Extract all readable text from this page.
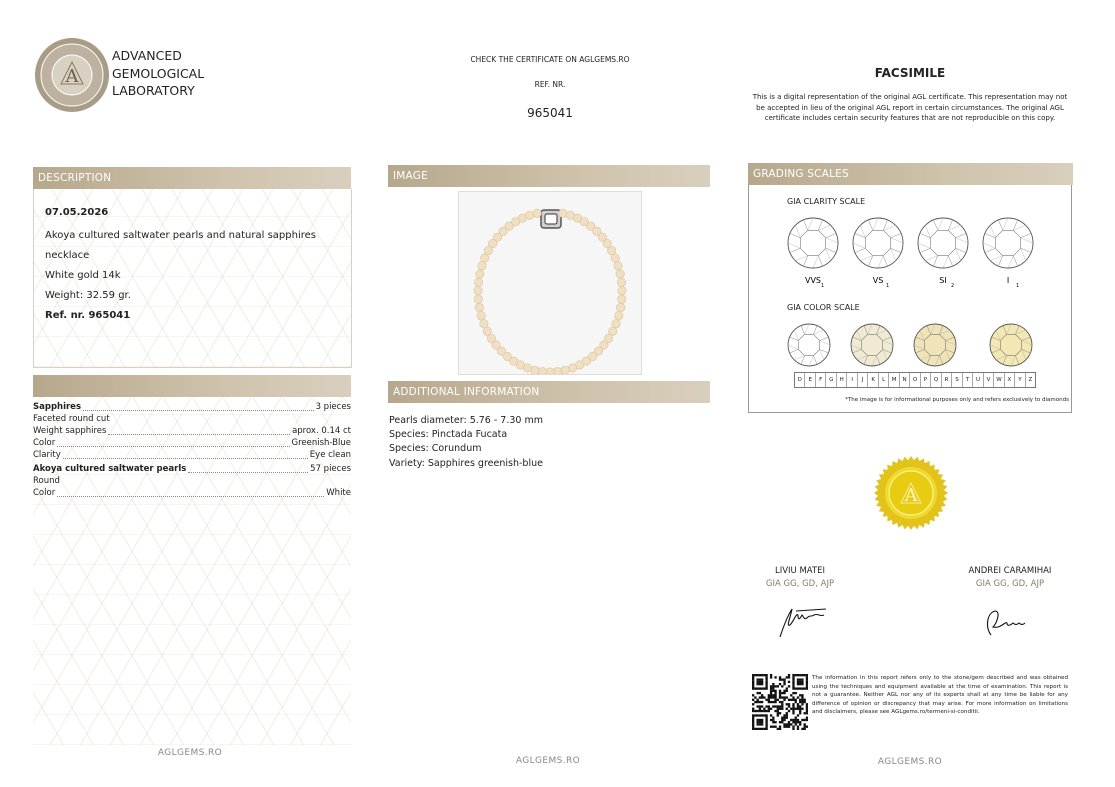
A
ADVANCED
GEMOLOGICAL
LABORATORY
CHECK THE CERTIFICATE ON AGLGEMS.RO
REF. NR.
965041
FACSIMILE
This is a digital representation of the original AGL certificate. This representation may not be accepted in lieu of the original AGL report in certain circumstances. The original AGL certificate includes certain security features that are not reproducible on this copy.
DESCRIPTION
07.05.2026
Akoya cultured saltwater pearls and natural sapphires necklace
White gold 14k
Weight: 32.59 gr.
Ref. nr. 965041
Sapphires	3 pieces
Faceted round cut
Weight sapphires	aprox. 0.14 ct
Color	Greenish-Blue
Clarity	Eye clean
Akoya cultured saltwater pearls	57 pieces
Round
Color	White
AGLGEMS.RO
IMAGE
ADDITIONAL INFORMATION
Pearls diameter: 5.76 - 7.30 mm
Species: Pinctada Fucata
Species: Corundum
Variety: Sapphires greenish-blue
AGLGEMS.RO
GRADING SCALES
GIA CLARITY SCALE
VVS
1
VS
1
SI
2
I
1
GIA COLOR SCALE
D	E	F	G	H	I	J	K	L	M	N	O	P	Q	R	S	T	U	V	W	X	Y	Z
*The image is for informational purposes only and refers exclusively to diamonds
A
LIVIU MATEI
GIA GG, GD, AJP
ANDREI CARAMIHAI
GIA GG, GD, AJP
The information in this report refers only to the stone/gem described and was obtained using the techniques and equipment available at the time of examination. This report is not a guarantee. Neither AGL nor any of its experts shall at any time be liable for any difference of opinion or discrepancy that may arise. For more information on limitations and disclaimers, please see AGLgems.ro/termeni-si-conditii.
AGLGEMS.RO
